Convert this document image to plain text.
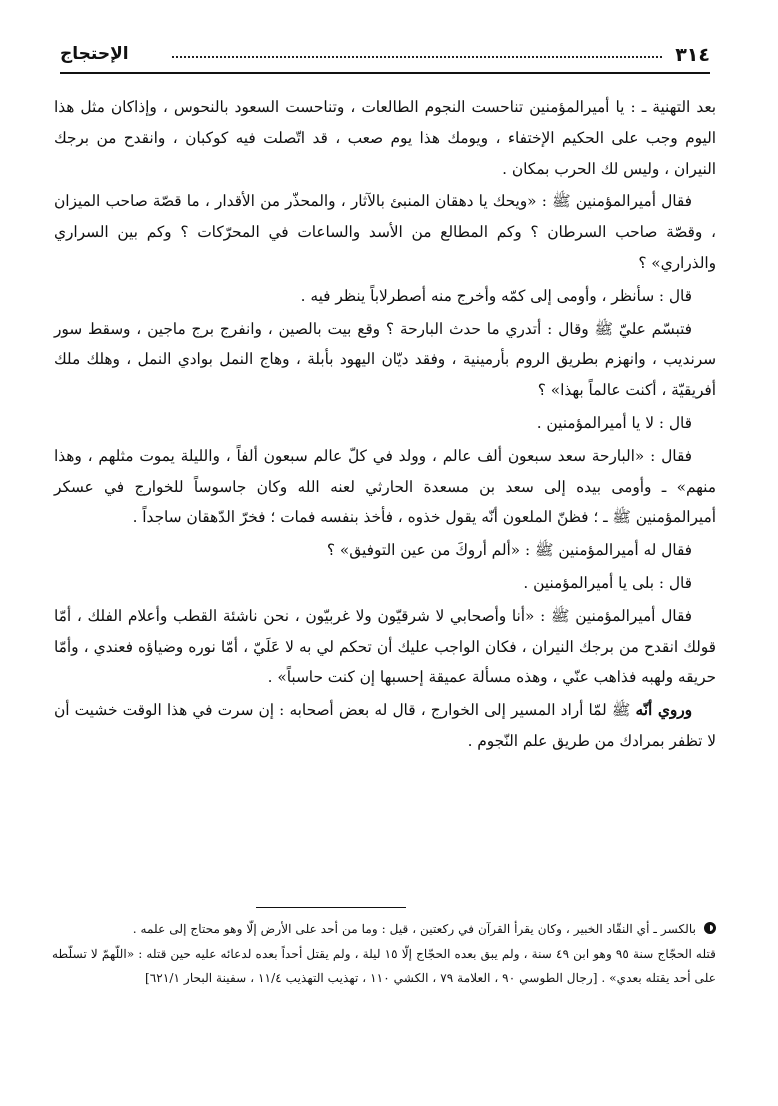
٣١٤
الإحتجاج

بعد التهنية ـ : يا أميرالمؤمنين تناحست النجوم الطالعات ، وتناحست السعود بالنحوس ، وإذاكان مثل هذا اليوم وجب على الحكيم الإختفاء ، ويومك هذا يوم صعب ، قد اتّصلت فيه كوكبان ، وانقدح من برجك النيران ، وليس لك الحرب بمكان .

فقال أميرالمؤمنين ﷺ : «ويحك يا دهقان المنبئ بالآثار ، والمحذّر من الأقدار ، ما قصّة صاحب الميزان ، وقصّة صاحب السرطان ؟ وكم المطالع من الأسد والساعات في المحرّكات ؟ وكم بين السراري والذراري» ؟

قال : سأنظر ، وأومى إلى كمّه وأخرج منه أصطرلاباً ينظر فيه .

فتبسّم عليّ ﷺ وقال : أتدري ما حدث البارحة ؟ وقع بيت بالصين ، وانفرج برج ماجين ، وسقط سور سرنديب ، وانهزم بطريق الروم بأرمينية ، وفقد ديّان اليهود بأبلة ، وهاج النمل بوادي النمل ، وهلك ملك أفريقيّة ، أكنت عالماً بهذا» ؟

قال : لا يا أميرالمؤمنين .

فقال : «البارحة سعد سبعون ألف عالم ، وولد في كلّ عالم سبعون ألفاً ، والليلة يموت مثلهم ، وهذا منهم» ـ وأومى بيده إلى سعد بن مسعدة الحارثي لعنه الله وكان جاسوساً للخوارج في عسكر أميرالمؤمنين ﷺ ـ ؛ فظنّ الملعون أنّه يقول خذوه ، فأخذ بنفسه فمات ؛ فخرّ الدّهقان ساجداً .

فقال له أميرالمؤمنين ﷺ : «ألم أروكَ من عين التوفيق» ؟

قال : بلى يا أميرالمؤمنين .

فقال أميرالمؤمنين ﷺ : «أنا وأصحابي لا شرقيّون ولا غربيّون ، نحن ناشئة القطب وأعلام الفلك ، أمّا قولك انقدح من برجك النيران ، فكان الواجب عليك أن تحكم لي به لا عَلَيّ ، أمّا نوره وضياؤه فعندي ، وأمّا حريقه ولهبه فذاهب عنّي ، وهذه مسألة عميقة إحسبها إن كنت حاسباً» .

وروي أنّه ﷺ لمّا أراد المسير إلى الخوارج ، قال له بعض أصحابه : إن سرت في هذا الوقت خشيت أن لا تظفر بمرادك من طريق علم النّجوم .

بالكسر ـ أي النقّاد الخبير ، وكان يقرأ القرآن في ركعتين ، قيل : وما من أحد على الأرض إلّا وهو محتاج إلى علمه .

قتله الحجّاج سنة ٩٥ وهو ابن ٤٩ سنة ، ولم يبق بعده الحجّاج إلّا ١٥ ليلة ، ولم يقتل أحداً بعده لدعائه عليه حين قتله : «اللّهمّ لا تسلّطه على أحد يقتله بعدي» . [رجال الطوسي ٩٠ ، العلامة ٧٩ ، الكشي ١١٠ ، تهذيب التهذيب ١١/٤ ، سفينة البحار ٦٢١/١]
